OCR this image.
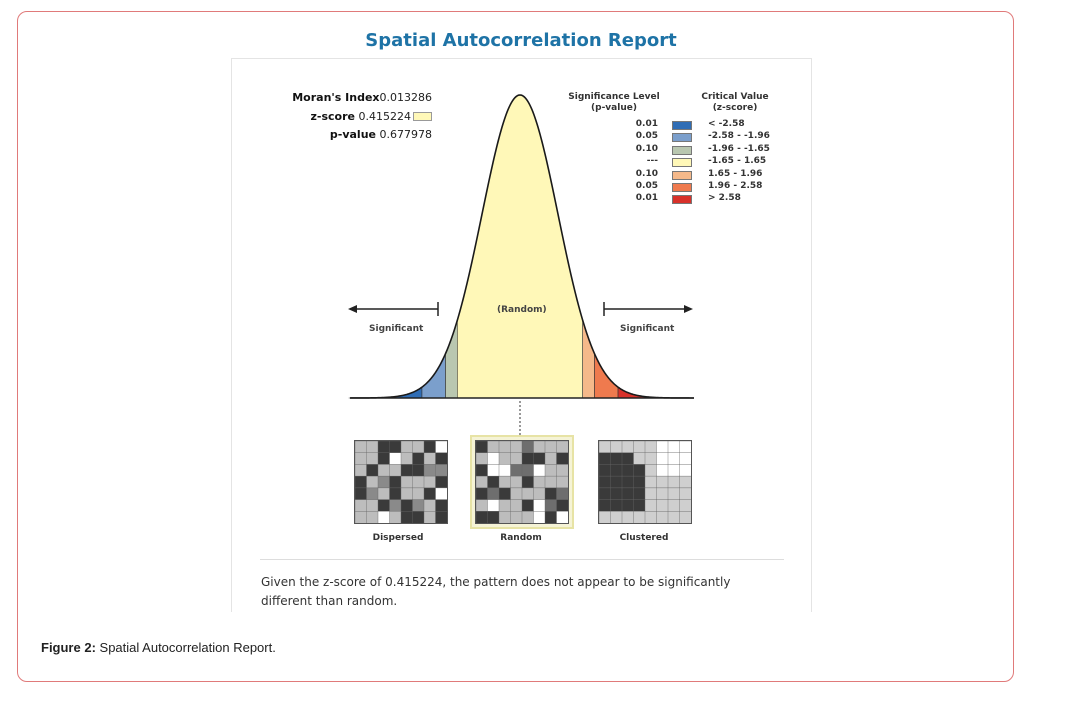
Spatial Autocorrelation Report
Moran's Index 0.013286
z-score
0.415224
p-value
0.677978
Significance Level
(p-value)
Critical Value
(z-score)
0.01	< -2.58
0.05	-2.58 - -1.96
0.10	-1.96 - -1.65
---	-1.65 - 1.65
0.10	1.65 - 1.96
0.05	1.96 - 2.58
0.01	> 2.58
Significant
(Random)
Significant
Dispersed	Random	Clustered
Given the z-score of 0.415224, the pattern does not appear to be significantly different than random.
Figure 2: Spatial Autocorrelation Report.
